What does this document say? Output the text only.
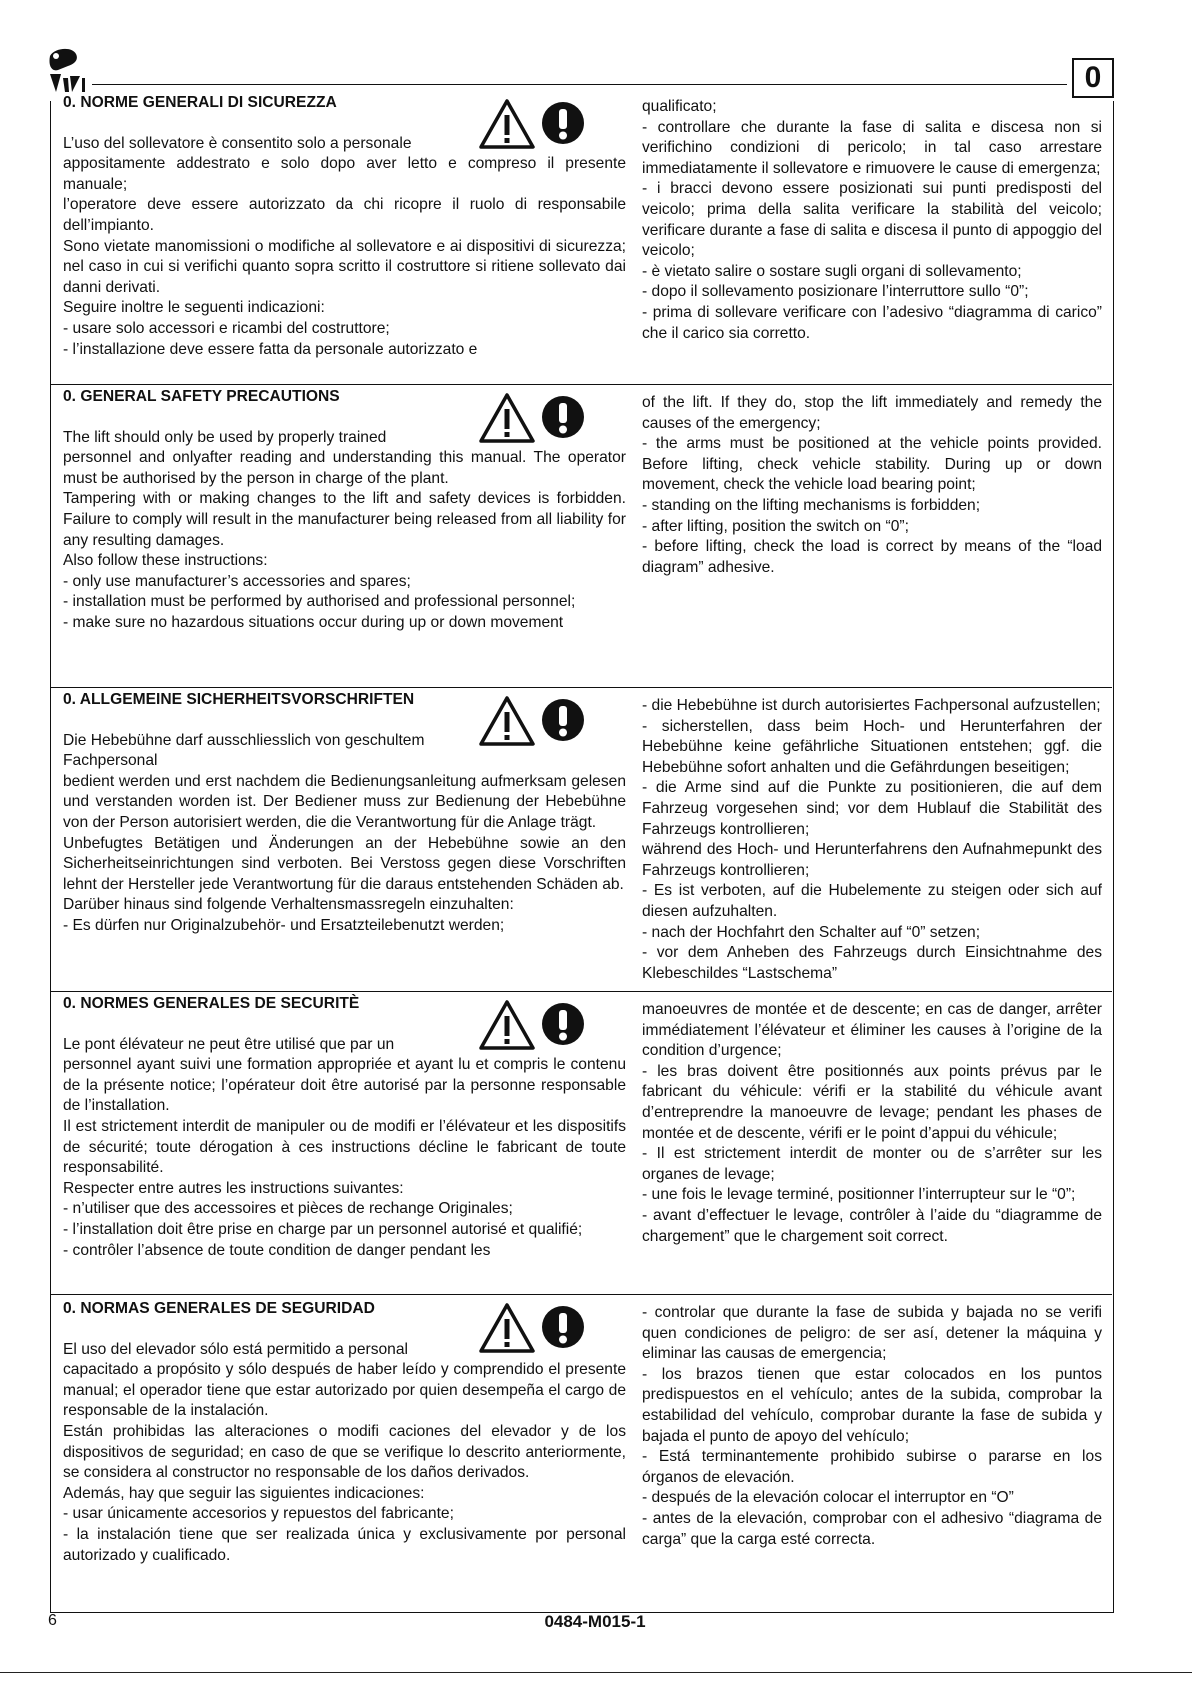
0
0. NORME GENERALI DI SICUREZZA
L’uso del sollevatore è consentito solo a personale
appositamente addestrato e solo dopo aver letto e compreso il presente manuale;
l’operatore deve essere autorizzato da chi ricopre il ruolo di responsabile dell’impianto.
Sono vietate manomissioni o modifiche al sollevatore e ai dispositivi di sicurezza; nel caso in cui si verifichi quanto sopra scritto il costruttore si ritiene sollevato dai danni derivati.
Seguire inoltre le seguenti indicazioni:
- usare solo accessori e ricambi del costruttore;
- l’installazione deve essere fatta da personale autorizzato e
qualificato;
- controllare che durante la fase di salita e discesa non si verifichino condizioni di pericolo; in tal caso arrestare immediatamente il sollevatore e rimuovere le cause di emergenza;
- i bracci devono essere posizionati sui punti predisposti del veicolo; prima della salita verificare la stabilità del veicolo; verificare durante a fase di salita e discesa il punto di appoggio del veicolo;
- è vietato salire o sostare sugli organi di sollevamento;
- dopo il sollevamento posizionare l’interruttore sullo “0”;
- prima di sollevare verificare con l’adesivo “diagramma di carico” che il carico sia corretto.
0. GENERAL SAFETY PRECAUTIONS
The lift should only be used by properly trained
personnel and onlyafter reading and understanding this manual. The operator must be authorised by the person in charge of the plant.
Tampering with or making changes to the lift and safety devices is forbidden. Failure to comply will result in the manufacturer being released from all liability for any resulting damages.
Also follow these instructions:
- only use manufacturer’s accessories and spares;
- installation must be performed by authorised and professional personnel;
- make sure no hazardous situations occur during up or down movement
of the lift. If they do, stop the lift immediately and remedy the causes of the emergency;
- the arms must be positioned at the vehicle points provided. Before lifting, check vehicle stability. During up or down movement, check the vehicle load bearing point;
- standing on the lifting mechanisms is forbidden;
- after lifting, position the switch on “0”;
- before lifting, check the load is correct by means of the “load diagram” adhesive.
0. ALLGEMEINE SICHERHEITSVORSCHRIFTEN
Die Hebebühne darf ausschliesslich von geschultem
Fachpersonal
bedient werden und erst nachdem die Bedienungsanleitung aufmerksam gelesen und verstanden worden ist. Der Bediener muss zur Bedienung der Hebebühne von der Person autorisiert werden, die die Verantwortung für die Anlage trägt.
Unbefugtes Betätigen und Änderungen an der Hebebühne sowie an den Sicherheitseinrichtungen sind verboten. Bei Verstoss gegen diese Vorschriften lehnt der Hersteller jede Verantwortung für die daraus entstehenden Schäden ab.
Darüber hinaus sind folgende Verhaltensmassregeln einzuhalten:
- Es dürfen nur Originalzubehör- und Ersatzteilebenutzt werden;
- die Hebebühne ist durch autorisiertes Fachpersonal aufzustellen;
- sicherstellen, dass beim Hoch- und Herunterfahren der Hebebühne keine gefährliche Situationen entstehen; ggf. die Hebebühne sofort anhalten und die Gefährdungen beseitigen;
- die Arme sind auf die Punkte zu positionieren, die auf dem Fahrzeug vorgesehen sind; vor dem Hublauf die Stabilität des Fahrzeugs kontrollieren;
während des Hoch- und Herunterfahrens den Aufnahmepunkt des Fahrzeugs kontrollieren;
- Es ist verboten, auf die Hubelemente zu steigen oder sich auf diesen aufzuhalten.
- nach der Hochfahrt den Schalter auf “0” setzen;
- vor dem Anheben des Fahrzeugs durch Einsichtnahme des Klebeschildes “Lastschema”
0. NORMES GENERALES DE SECURITÈ
Le pont élévateur ne peut être utilisé que par un
personnel ayant suivi une formation appropriée et ayant lu et compris le contenu de la présente notice; l’opérateur doit être autorisé par la personne responsable de l’installation.
Il est strictement interdit de manipuler ou de modifi er l’élévateur et les dispositifs de sécurité; toute dérogation à ces instructions décline le fabricant de toute responsabilité.
Respecter entre autres les instructions suivantes:
- n’utiliser que des accessoires et pièces de rechange Originales;
- l’installation doit être prise en charge par un personnel autorisé et qualifié;
- contrôler l’absence de toute condition de danger pendant les
manoeuvres de montée et de descente; en cas de danger, arrêter immédiatement l’élévateur et éliminer les causes à l’origine de la condition d’urgence;
- les bras doivent être positionnés aux points prévus par le fabricant du véhicule: vérifi er la stabilité du véhicule avant d’entreprendre la manoeuvre de levage; pendant les phases de montée et de descente, vérifi er le point d’appui du véhicule;
- Il est strictement interdit de monter ou de s’arrêter sur les organes de levage;
- une fois le levage terminé, positionner l’interrupteur sur le “0”;
- avant d’effectuer le levage, contrôler à l’aide du “diagramme de chargement” que le chargement soit correct.
0. NORMAS GENERALES DE SEGURIDAD
El uso del elevador sólo está permitido a personal
capacitado a propósito y sólo después de haber leído y comprendido el presente manual; el operador tiene que estar autorizado por quien desempeña el cargo de responsable de la instalación.
Están prohibidas las alteraciones o modifi caciones del elevador y de los dispositivos de seguridad; en caso de que se verifique lo descrito anteriormente, se considera al constructor no responsable de los daños derivados.
Además, hay que seguir las siguientes indicaciones:
- usar únicamente accesorios y repuestos del fabricante;
- la instalación tiene que ser realizada única y exclusivamente por personal autorizado y cualificado.
- controlar que durante la fase de subida y bajada no se verifi quen condiciones de peligro: de ser así, detener la máquina y eliminar las causas de emergencia;
- los brazos tienen que estar colocados en los puntos predispuestos en el vehículo; antes de la subida, comprobar la estabilidad del vehículo, comprobar durante la fase de subida y bajada el punto de apoyo del vehículo;
- Está terminantemente prohibido subirse o pararse en los órganos de elevación.
- después de la elevación colocar el interruptor en “O”
- antes de la elevación, comprobar con el adhesivo “diagrama de carga” que la carga esté correcta.
6	0484-M015-1
